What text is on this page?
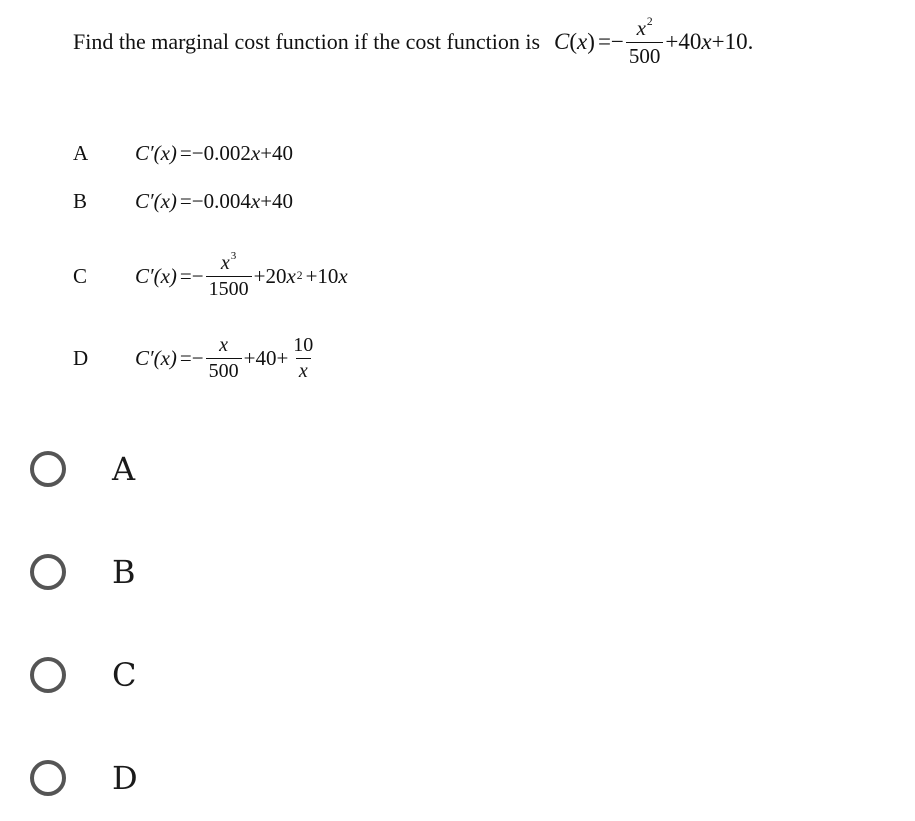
Find the marginal cost function if the cost function is C ( x ) = − $\frac{x^2}{500} +40$ x +10 .
A	C′(x) = −0.002 x +40
B	C′(x) = −0.004 x +40
C	C′(x) = − $\frac{x^3}{1500} +20$ x 2 +10 x
D	C′(x) = − $\frac{x}{500} +40+ \frac{10}{x}$
A
B
C
D
